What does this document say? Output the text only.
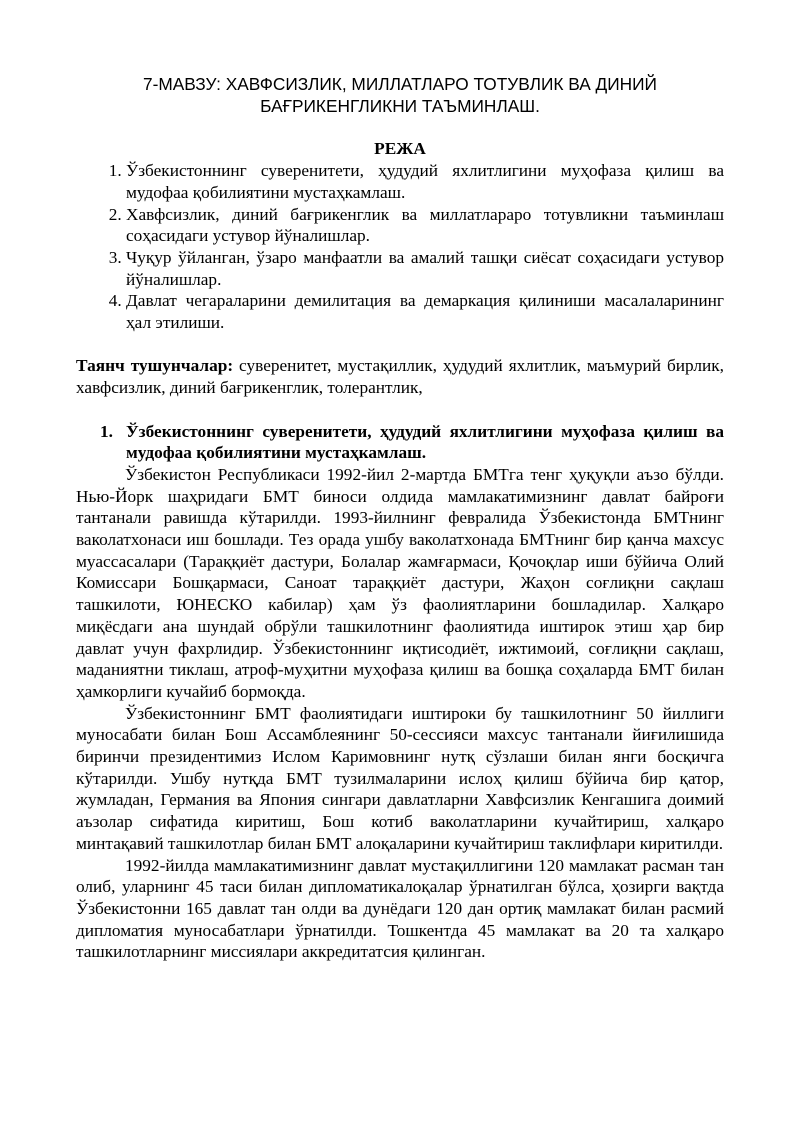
7-МАВЗУ: ХАВФСИЗЛИК, МИЛЛАТЛАРО ТОТУВЛИК ВА ДИНИЙ БАҒРИКЕНГЛИКНИ ТАЪМИНЛАШ.
РЕЖА
1. Ўзбекистоннинг суверенитети, ҳудудий яхлитлигини муҳофаза қилиш ва мудофаа қобилиятини мустаҳкамлаш.
2. Хавфсизлик, диний бағрикенглик ва миллатлараро тотувликни таъминлаш соҳасидаги устувор йўналишлар.
3. Чуқур ўйланган, ўзаро манфаатли ва амалий ташқи сиёсат соҳасидаги устувор йўналишлар.
4. Давлат чегараларини демилитация ва демаркация қилиниши масалаларининг ҳал этилиши.
Таянч тушунчалар: суверенитет, мустақиллик, ҳудудий яхлитлик, маъмурий бирлик, хавфсизлик, диний бағрикенглик, толерантлик,
1. Ўзбекистоннинг суверенитети, ҳудудий яхлитлигини муҳофаза қилиш ва мудофаа қобилиятини мустаҳкамлаш.

Ўзбекистон Республикаси 1992-йил 2-мартда БМТга тенг ҳуқуқли аъзо бўлди. Нью-Йорк шаҳридаги БМТ биноси олдида мамлакатимизнинг давлат байроғи тантанали равишда кўтарилди. 1993-йилнинг февралида Ўзбекистонда БМТнинг ваколатхонаси иш бошлади. Тез орада ушбу ваколатхонада БМТнинг бир қанча махсус муассасалари (Тараққиёт дастури, Болалар жамғармаси, Қочоқлар иши бўйича Олий Комиссари Бошқармаси, Саноат тараққиёт дастури, Жаҳон соғлиқни сақлаш ташкилоти, ЮНЕСКО кабилар) ҳам ўз фаолиятларини бошладилар. Халқаро миқёсдаги ана шундай обрўли ташкилотнинг фаолиятида иштирок этиш ҳар бир давлат учун фахрлидир. Ўзбекистоннинг иқтисодиёт, ижтимоий, соғлиқни сақлаш, маданиятни тиклаш, атроф-муҳитни муҳофаза қилиш ва бошқа соҳаларда БМТ билан ҳамкорлиги кучайиб бормоқда.

Ўзбекистоннинг БМТ фаолиятидаги иштироки бу ташкилотнинг 50 йиллиги муносабати билан Бош Ассамблеянинг 50-сессияси махсус тантанали йиғилишида биринчи президентимиз Ислом Каримовнинг нутқ сўзлаши билан янги босқичга кўтарилди. Ушбу нутқда БМТ тузилмаларини ислоҳ қилиш бўйича бир қатор, жумладан, Германия ва Япония сингари давлатларни Хавфсизлик Кенгашига доимий аъзолар сифатида киритиш, Бош котиб ваколатларини кучайтириш, халқаро минтақавий ташкилотлар билан БМТ алоқаларини кучайтириш таклифлари киритилди.

1992-йилда мамлакатимизнинг давлат мустақиллигини 120 мамлакат расман тан олиб, уларнинг 45 таси билан дипломатикалоқалар ўрнатилган бўлса, ҳозирги вақтда Ўзбекистонни 165 давлат тан олди ва дунёдаги 120 дан ортиқ мамлакат билан расмий дипломатия муносабатлари ўрнатилди. Тошкентда 45 мамлакат ва 20 та халқаро ташкилотларнинг миссиялари аккредитатсия қилинган.
